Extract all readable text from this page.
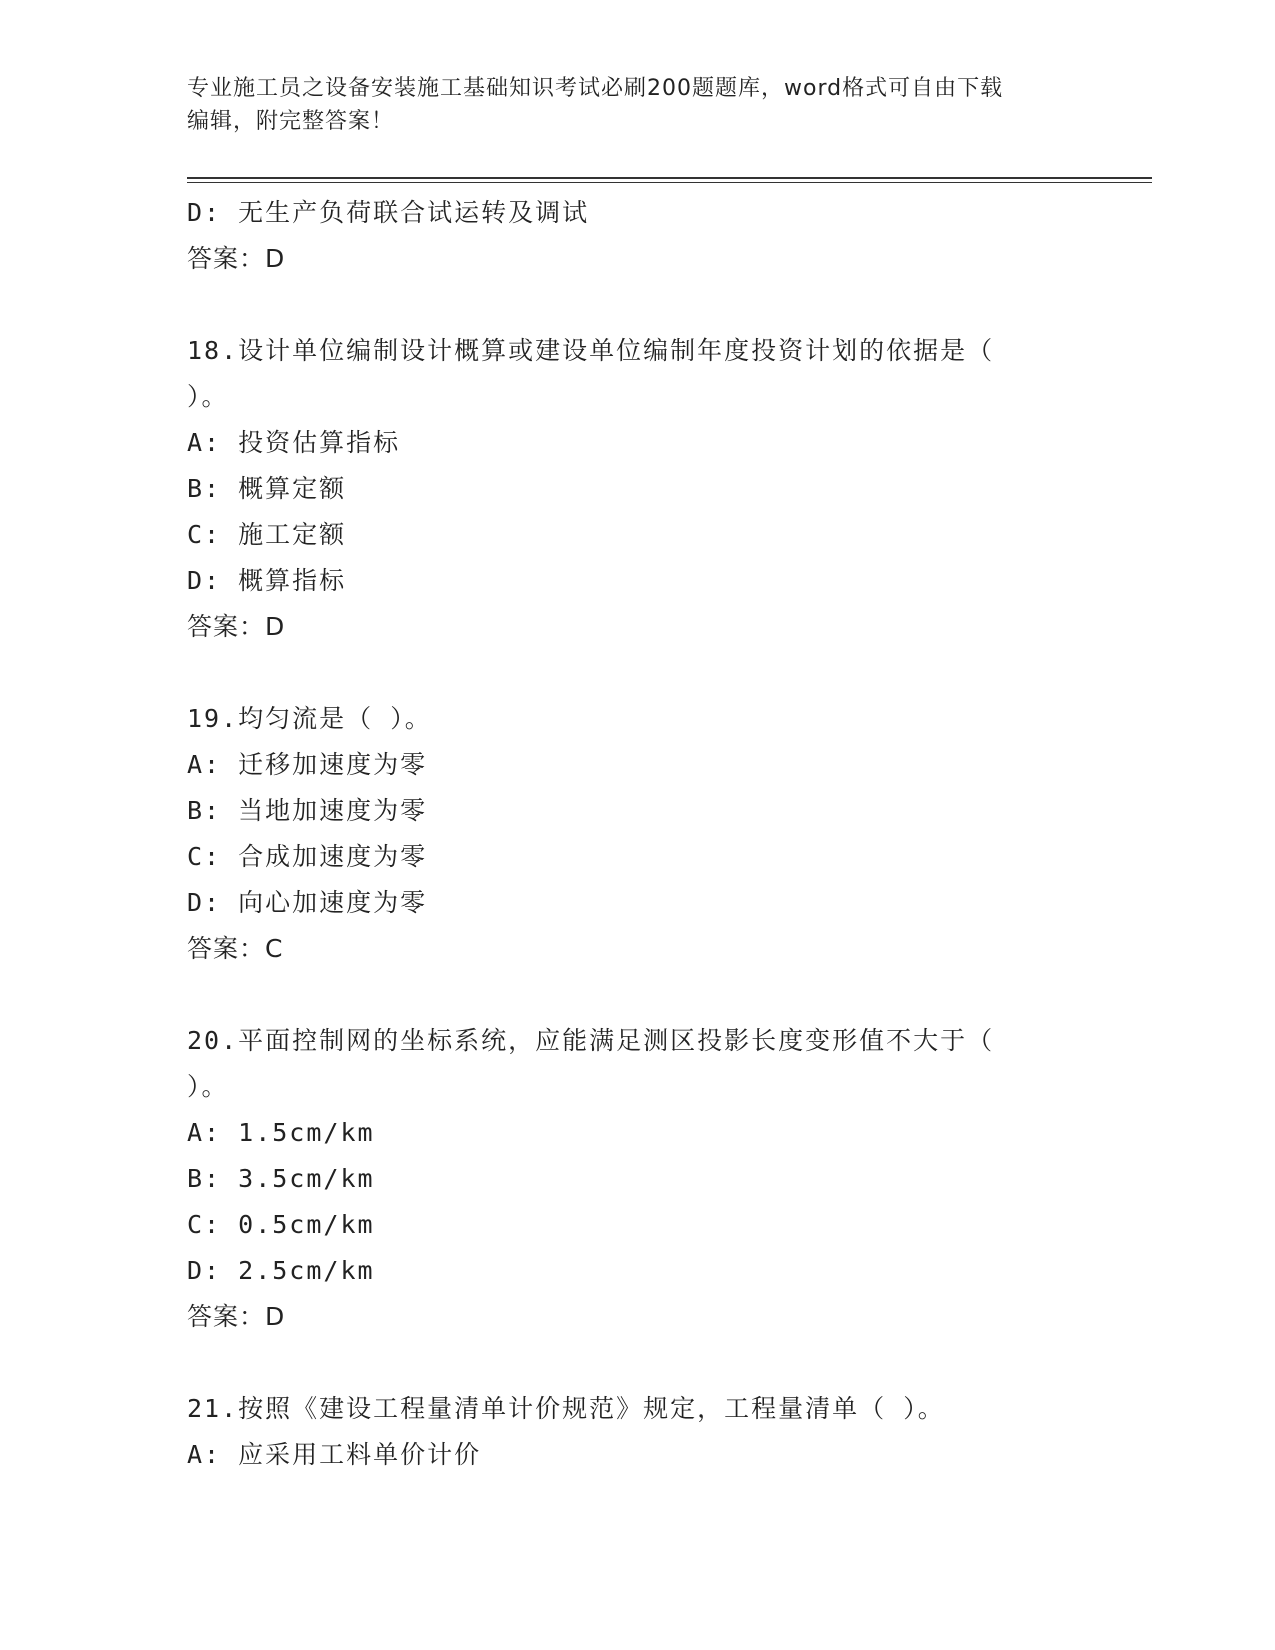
专业施工员之设备安装施工基础知识考试必刷200题题库，word格式可自由下载
编辑，附完整答案！
D: 无生产负荷联合试运转及调试
答案：D
18.设计单位编制设计概算或建设单位编制年度投资计划的依据是（
）。
A: 投资估算指标
B: 概算定额
C: 施工定额
D: 概算指标
答案：D
19.均匀流是（ ）。
A: 迁移加速度为零
B: 当地加速度为零
C: 合成加速度为零
D: 向心加速度为零
答案：C
20.平面控制网的坐标系统，应能满足测区投影长度变形值不大于（
）。
A: 1.5cm/km
B: 3.5cm/km
C: 0.5cm/km
D: 2.5cm/km
答案：D
21.按照《建设工程量清单计价规范》规定，工程量清单（ ）。
A: 应采用工料单价计价
